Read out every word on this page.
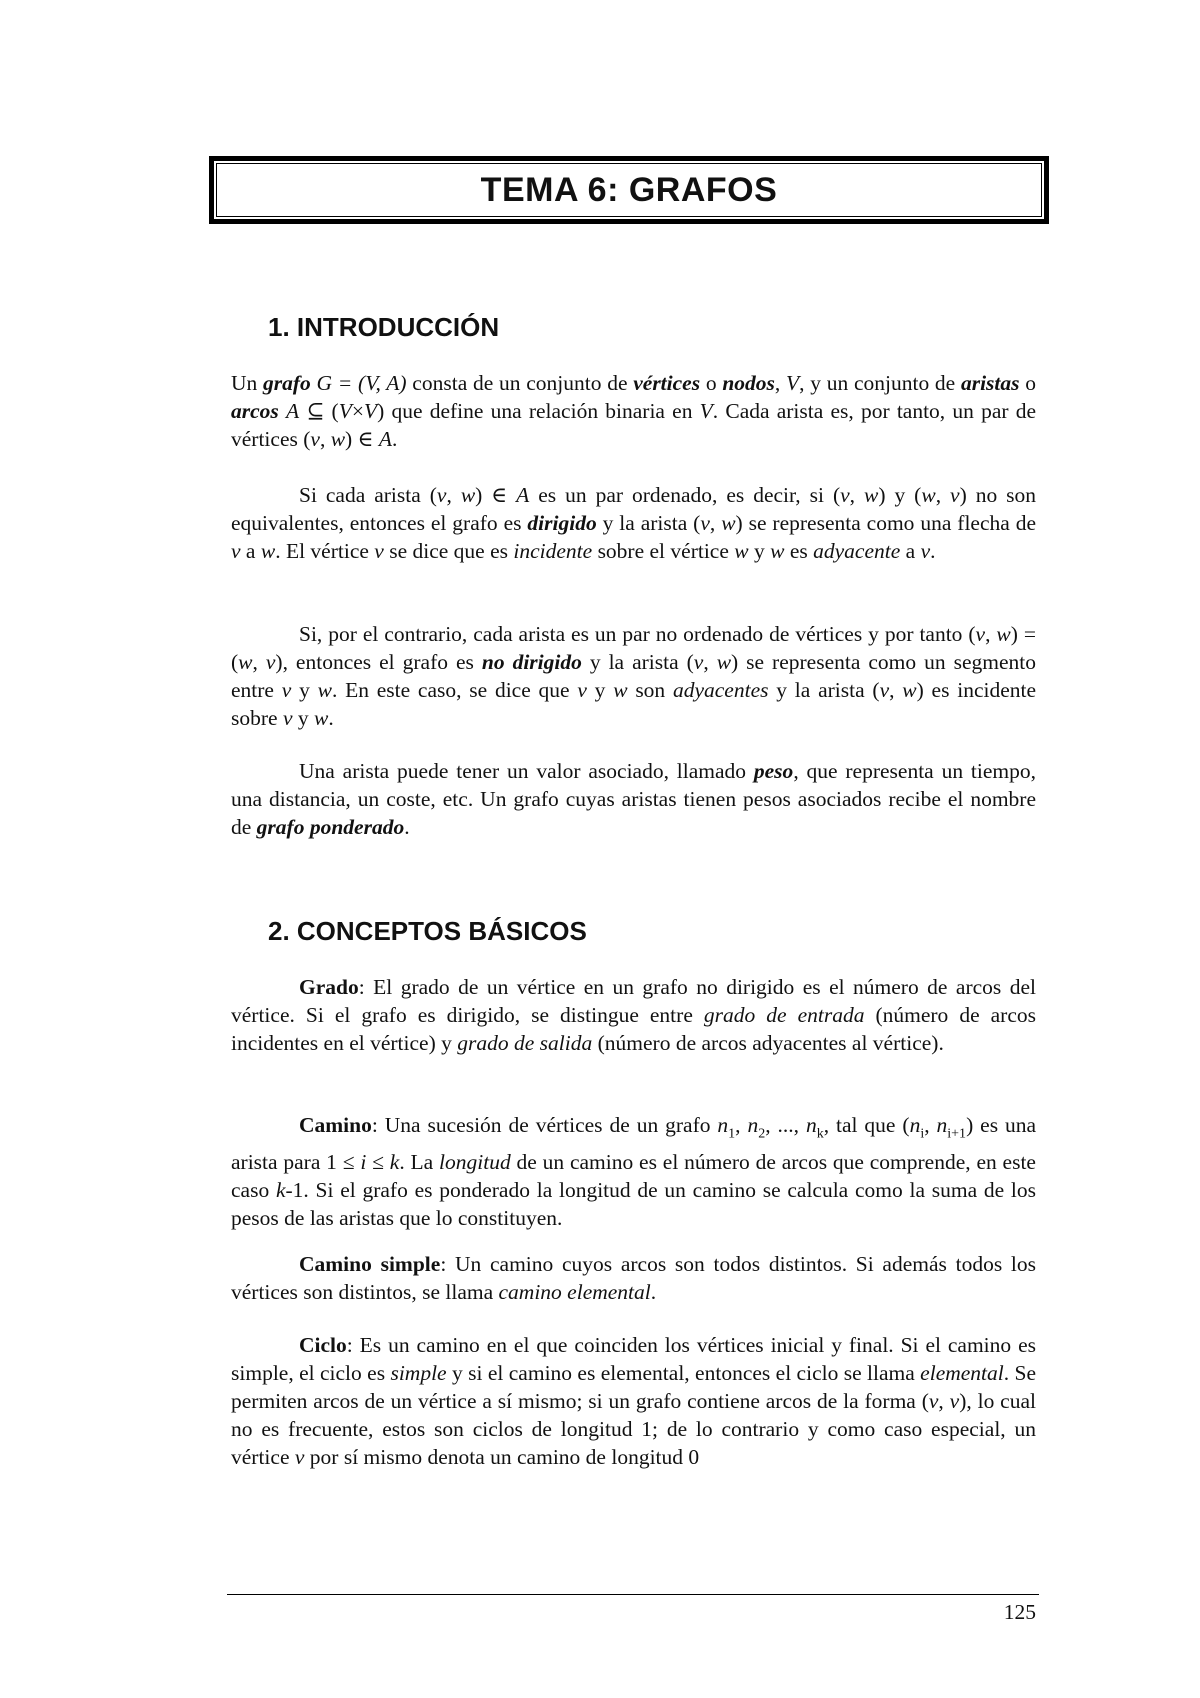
TEMA 6: GRAFOS
1. INTRODUCCIÓN

Un grafo G = (V, A) consta de un conjunto de vértices o nodos, V, y un conjunto de aristas o arcos A ⊆ (V×V) que define una relación binaria en V. Cada arista es, por tanto, un par de vértices (v, w) ∈ A.

Si cada arista (v, w) ∈ A es un par ordenado, es decir, si (v, w) y (w, v) no son equivalentes, entonces el grafo es dirigido y la arista (v, w) se representa como una flecha de v a w. El vértice v se dice que es incidente sobre el vértice w y w es adyacente a v.

Si, por el contrario, cada arista es un par no ordenado de vértices y por tanto (v, w) = (w, v), entonces el grafo es no dirigido y la arista (v, w) se representa como un segmento entre v y w. En este caso, se dice que v y w son adyacentes y la arista (v, w) es incidente sobre v y w.

Una arista puede tener un valor asociado, llamado peso, que representa un tiempo, una distancia, un coste, etc. Un grafo cuyas aristas tienen pesos asociados recibe el nombre de grafo ponderado.

2. CONCEPTOS BÁSICOS

Grado: El grado de un vértice en un grafo no dirigido es el número de arcos del vértice. Si el grafo es dirigido, se distingue entre grado de entrada (número de arcos incidentes en el vértice) y grado de salida (número de arcos adyacentes al vértice).

Camino: Una sucesión de vértices de un grafo $n_1$, $n_2$, ..., $n_k$, tal que ($n_i$, $n_{i+1}$) es una arista para 1 ≤ i ≤ k. La longitud de un camino es el número de arcos que comprende, en este caso k-1. Si el grafo es ponderado la longitud de un camino se calcula como la suma de los pesos de las aristas que lo constituyen.

Camino simple: Un camino cuyos arcos son todos distintos. Si además todos los vértices son distintos, se llama camino elemental.

Ciclo: Es un camino en el que coinciden los vértices inicial y final. Si el camino es simple, el ciclo es simple y si el camino es elemental, entonces el ciclo se llama elemental. Se permiten arcos de un vértice a sí mismo; si un grafo contiene arcos de la forma (v, v), lo cual no es frecuente, estos son ciclos de longitud 1; de lo contrario y como caso especial, un vértice v por sí mismo denota un camino de longitud 0

125
